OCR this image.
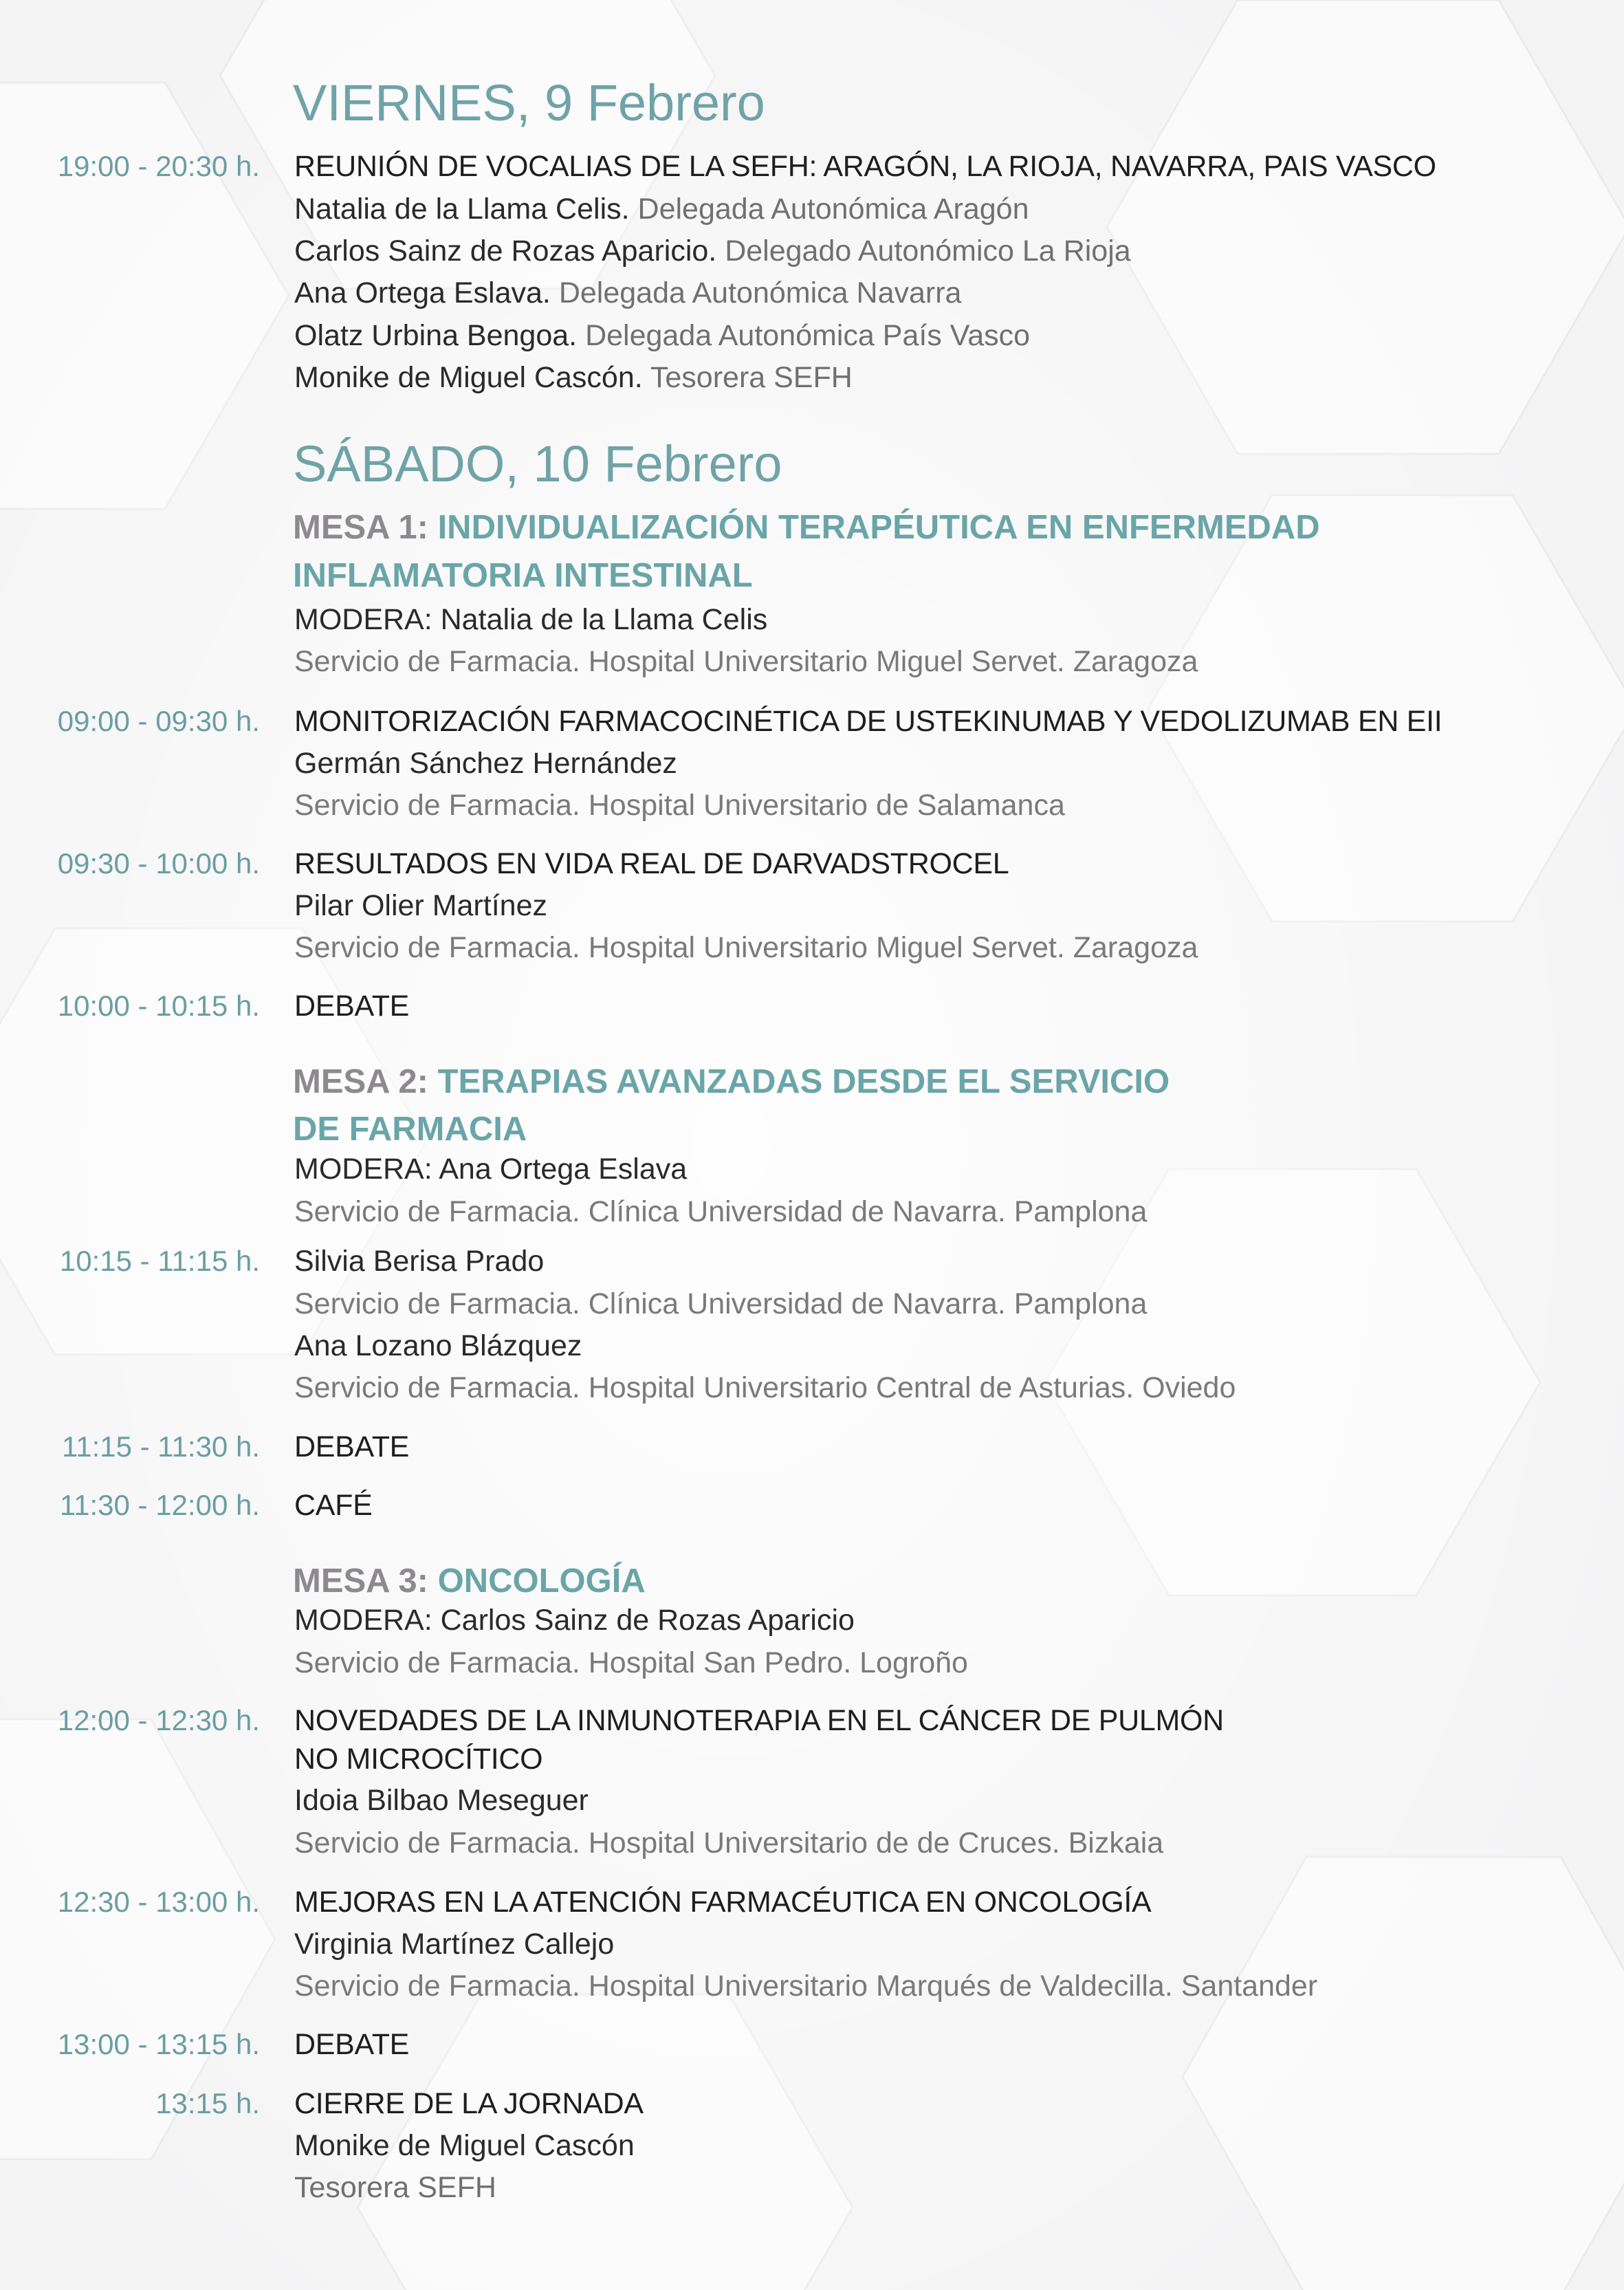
VIERNES, 9 Febrero
19:00 - 20:30 h. REUNIÓN DE VOCALIAS DE LA SEFH: ARAGÓN, LA RIOJA, NAVARRA, PAIS VASCO
Natalia de la Llama Celis. Delegada Autonómica Aragón
Carlos Sainz de Rozas Aparicio. Delegado Autonómico La Rioja
Ana Ortega Eslava. Delegada Autonómica Navarra
Olatz Urbina Bengoa. Delegada Autonómica País Vasco
Monike de Miguel Cascón. Tesorera SEFH
SÁBADO, 10 Febrero
MESA 1: INDIVIDUALIZACIÓN TERAPÉUTICA EN ENFERMEDAD
INFLAMATORIA INTESTINAL
MODERA: Natalia de la Llama Celis
Servicio de Farmacia. Hospital Universitario Miguel Servet. Zaragoza
09:00 - 09:30 h. MONITORIZACIÓN FARMACOCINÉTICA DE USTEKINUMAB Y VEDOLIZUMAB EN EII
Germán Sánchez Hernández
Servicio de Farmacia. Hospital Universitario de Salamanca
09:30 - 10:00 h. RESULTADOS EN VIDA REAL DE DARVADSTROCEL
Pilar Olier Martínez
Servicio de Farmacia. Hospital Universitario Miguel Servet. Zaragoza
10:00 - 10:15 h. DEBATE
MESA 2: TERAPIAS AVANZADAS DESDE EL SERVICIO
DE FARMACIA
MODERA: Ana Ortega Eslava
Servicio de Farmacia. Clínica Universidad de Navarra. Pamplona
10:15 - 11:15 h. Silvia Berisa Prado
Servicio de Farmacia. Clínica Universidad de Navarra. Pamplona
Ana Lozano Blázquez
Servicio de Farmacia. Hospital Universitario Central de Asturias. Oviedo
11:15 - 11:30 h. DEBATE
11:30 - 12:00 h. CAFÉ
MESA 3: ONCOLOGÍA
MODERA: Carlos Sainz de Rozas Aparicio
Servicio de Farmacia. Hospital San Pedro. Logroño
12:00 - 12:30 h. NOVEDADES DE LA INMUNOTERAPIA EN EL CÁNCER DE PULMÓN
NO MICROCÍTICO
Idoia Bilbao Meseguer
Servicio de Farmacia. Hospital Universitario de de Cruces. Bizkaia
12:30 - 13:00 h. MEJORAS EN LA ATENCIÓN FARMACÉUTICA EN ONCOLOGÍA
Virginia Martínez Callejo
Servicio de Farmacia. Hospital Universitario Marqués de Valdecilla. Santander
13:00 - 13:15 h. DEBATE
13:15 h. CIERRE DE LA JORNADA
Monike de Miguel Cascón
Tesorera SEFH
